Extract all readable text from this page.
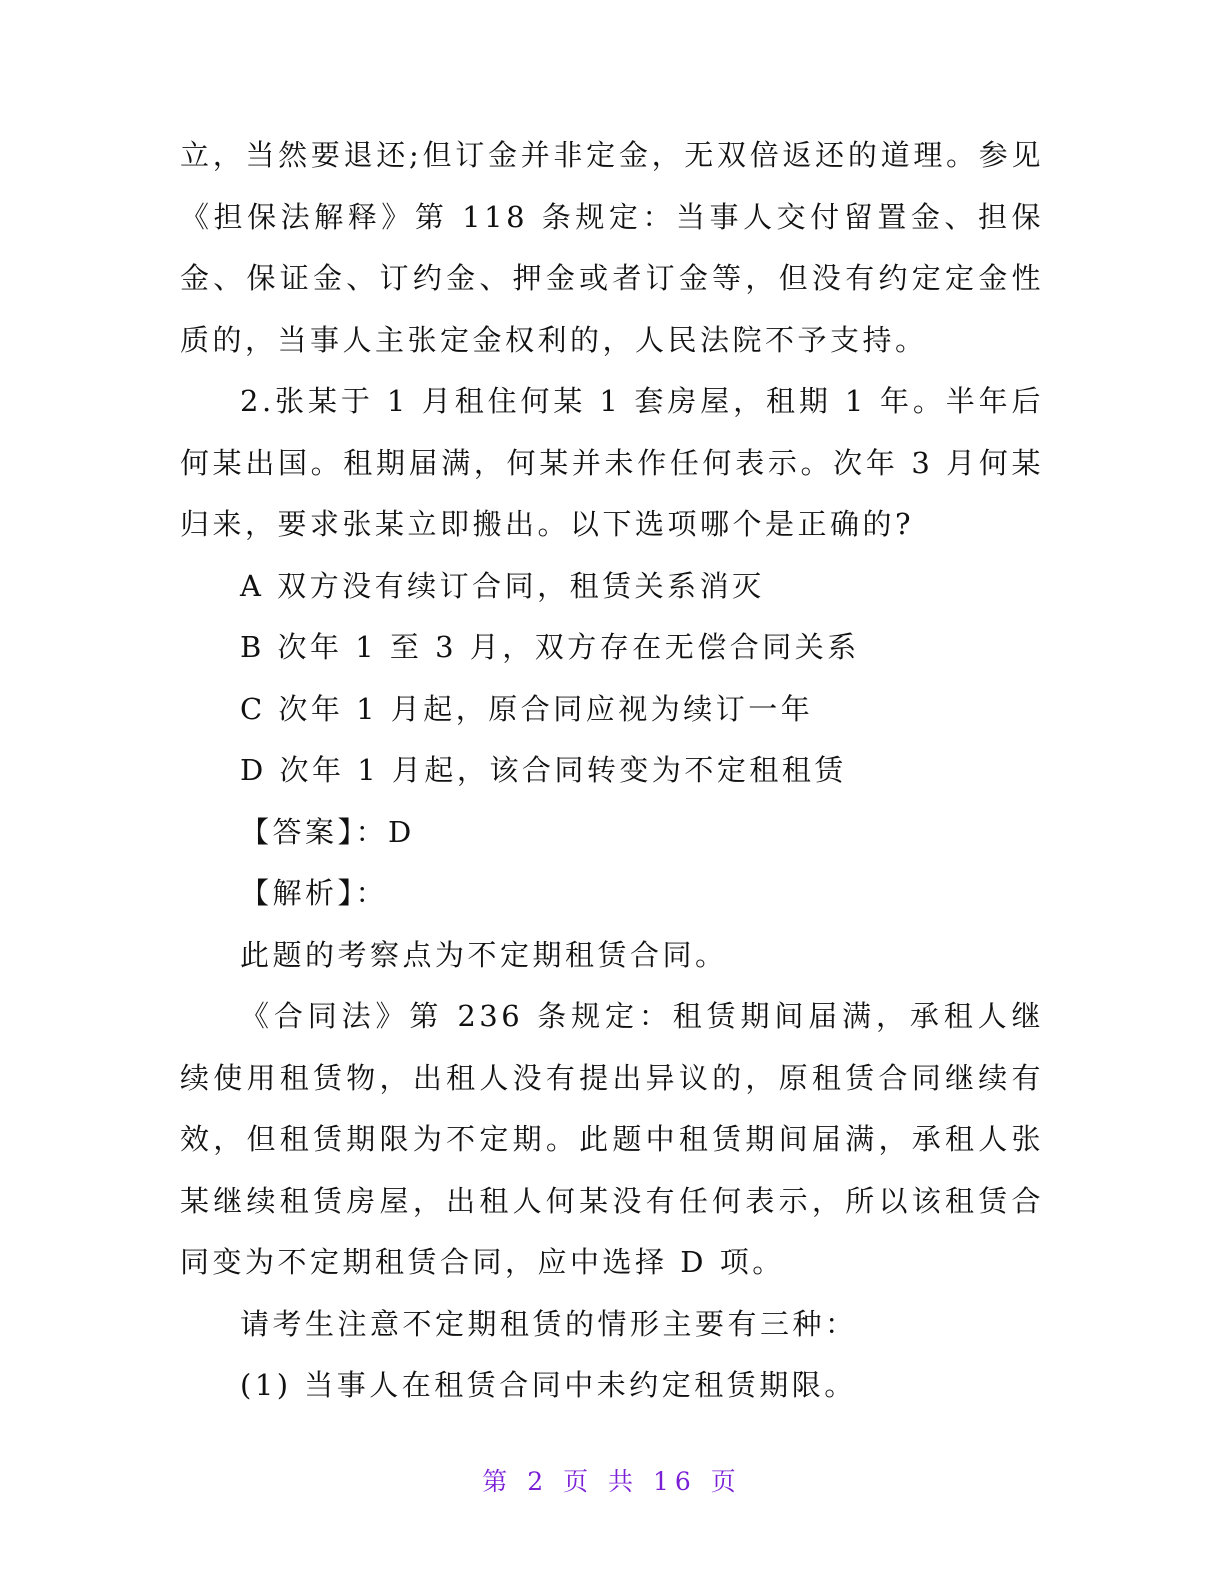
立，当然要退还;但订金并非定金，无双倍返还的道理。参见《担保法解释》第 118 条规定：当事人交付留置金、担保金、保证金、订约金、押金或者订金等，但没有约定定金性质的，当事人主张定金权利的，人民法院不予支持。

2.张某于 1 月租住何某 1 套房屋，租期 1 年。半年后何某出国。租期届满，何某并未作任何表示。次年 3 月何某归来，要求张某立即搬出。以下选项哪个是正确的?

A 双方没有续订合同，租赁关系消灭

B 次年 1 至 3 月，双方存在无偿合同关系

C 次年 1 月起，原合同应视为续订一年

D 次年 1 月起，该合同转变为不定租租赁

【答案】：D

【解析】：

此题的考察点为不定期租赁合同。

《合同法》第 236 条规定：租赁期间届满，承租人继续使用租赁物，出租人没有提出异议的，原租赁合同继续有效，但租赁期限为不定期。此题中租赁期间届满，承租人张某继续租赁房屋，出租人何某没有任何表示，所以该租赁合同变为不定期租赁合同，应中选择 D 项。

请考生注意不定期租赁的情形主要有三种：

(1) 当事人在租赁合同中未约定租赁期限。

第 2 页 共 16 页
